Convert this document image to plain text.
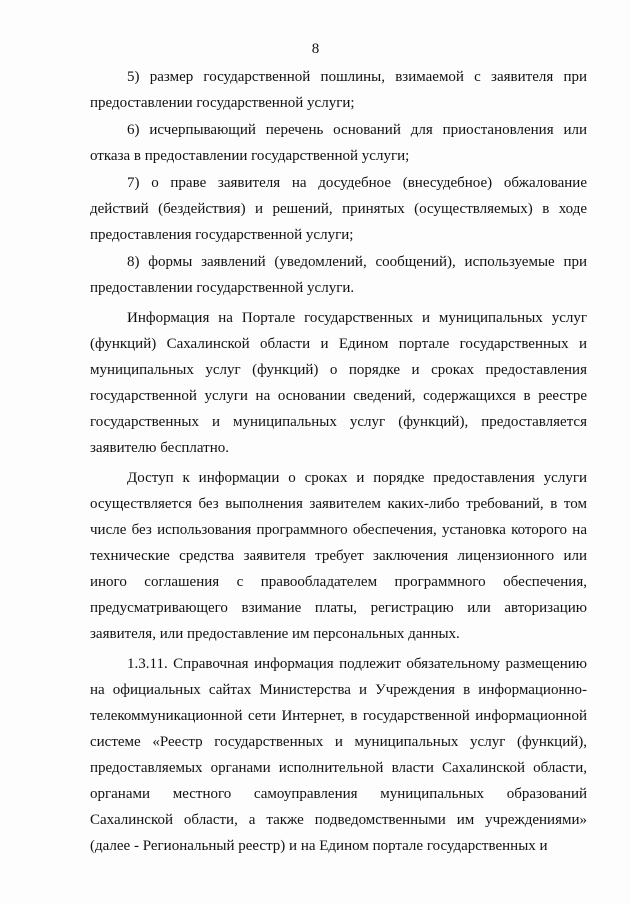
8

5) размер государственной пошлины, взимаемой с заявителя при предоставлении государственной услуги;

6) исчерпывающий перечень оснований для приостановления или отказа в предоставлении государственной услуги;

7) о праве заявителя на досудебное (внесудебное) обжалование действий (бездействия) и решений, принятых (осуществляемых) в ходе предоставления государственной услуги;

8) формы заявлений (уведомлений, сообщений), используемые при предоставлении государственной услуги.

Информация на Портале государственных и муниципальных услуг (функций) Сахалинской области и Едином портале государственных и муниципальных услуг (функций) о порядке и сроках предоставления государственной услуги на основании сведений, содержащихся в реестре государственных и муниципальных услуг (функций), предоставляется заявителю бесплатно.

Доступ к информации о сроках и порядке предоставления услуги осуществляется без выполнения заявителем каких-либо требований, в том числе без использования программного обеспечения, установка которого на технические средства заявителя требует заключения лицензионного или иного соглашения с правообладателем программного обеспечения, предусматривающего взимание платы, регистрацию или авторизацию заявителя, или предоставление им персональных данных.

1.3.11. Справочная информация подлежит обязательному размещению на официальных сайтах Министерства и Учреждения в информационно-телекоммуникационной сети Интернет, в государственной информационной системе «Реестр государственных и муниципальных услуг (функций), предоставляемых органами исполнительной власти Сахалинской области, органами местного самоуправления муниципальных образований Сахалинской области, а также подведомственными им учреждениями» (далее - Региональный реестр) и на Едином портале государственных и
